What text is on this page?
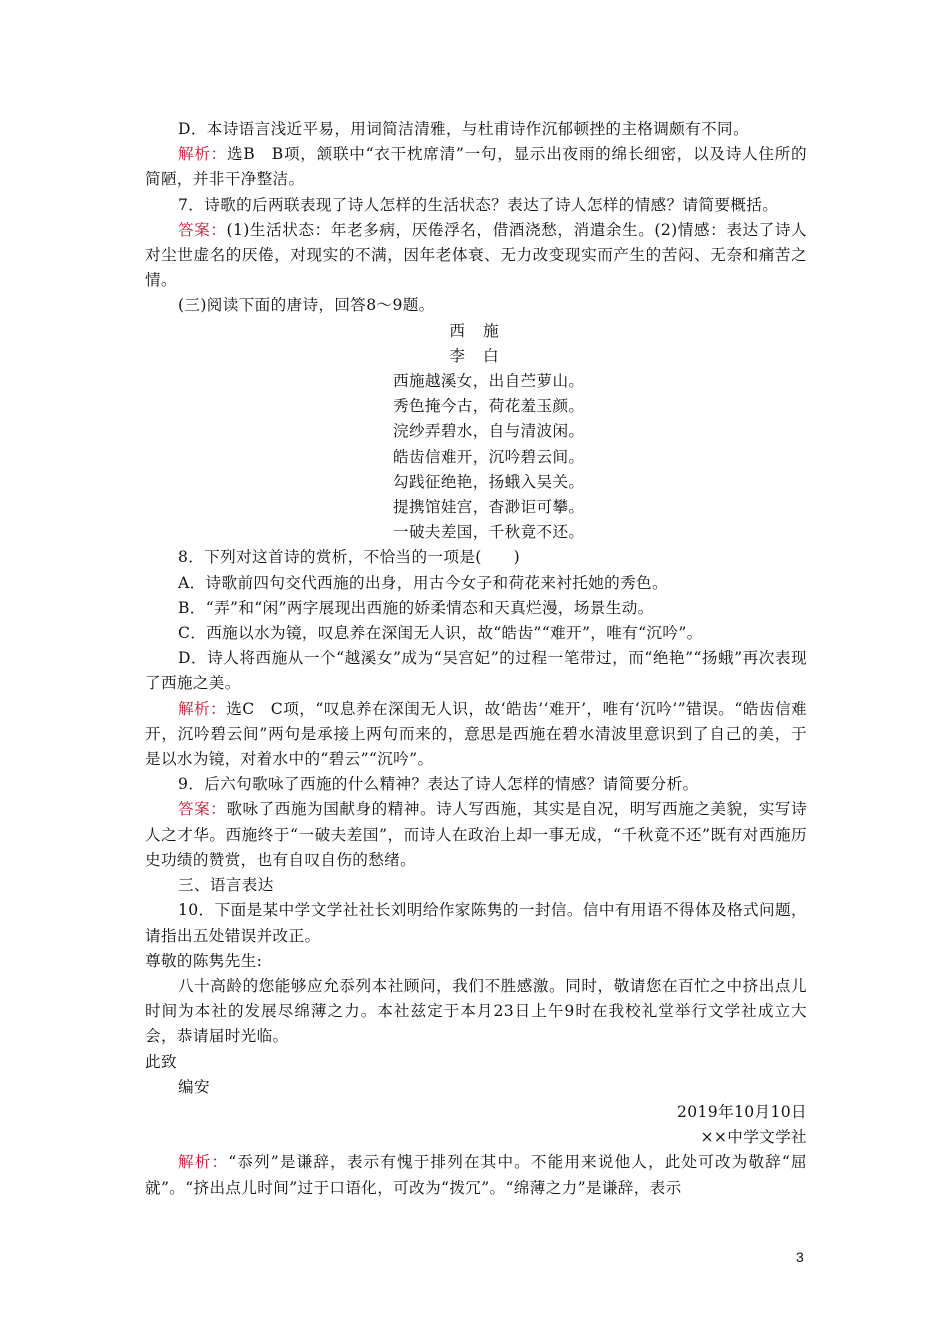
D．本诗语言浅近平易，用词简洁清雅，与杜甫诗作沉郁顿挫的主格调颇有不同。

解析：选B　B项，颔联中“衣干枕席清”一句，显示出夜雨的绵长细密，以及诗人住所的简陋，并非干净整洁。

7．诗歌的后两联表现了诗人怎样的生活状态？表达了诗人怎样的情感？请简要概括。

答案：(1)生活状态：年老多病，厌倦浮名，借酒浇愁，消遣余生。(2)情感：表达了诗人对尘世虚名的厌倦，对现实的不满，因年老体衰、无力改变现实而产生的苦闷、无奈和痛苦之情。

(三)阅读下面的唐诗，回答8～9题。

西施

李白

西施越溪女，出自苎萝山。

秀色掩今古，荷花羞玉颜。

浣纱弄碧水，自与清波闲。

皓齿信难开，沉吟碧云间。

勾践征绝艳，扬蛾入吴关。

提携馆娃宫，杳渺讵可攀。

一破夫差国，千秋竟不还。

8．下列对这首诗的赏析，不恰当的一项是(　　)

A．诗歌前四句交代西施的出身，用古今女子和荷花来衬托她的秀色。

B．“弄”和“闲”两字展现出西施的娇柔情态和天真烂漫，场景生动。

C．西施以水为镜，叹息养在深闺无人识，故“皓齿”“难开”，唯有“沉吟”。

D．诗人将西施从一个“越溪女”成为“吴宫妃”的过程一笔带过，而“绝艳”“扬蛾”再次表现了西施之美。

解析：选C　C项，“叹息养在深闺无人识，故‘皓齿’‘难开’，唯有‘沉吟’”错误。“皓齿信难开，沉吟碧云间”两句是承接上两句而来的，意思是西施在碧水清波里意识到了自己的美，于是以水为镜，对着水中的“碧云”“沉吟”。

9．后六句歌咏了西施的什么精神？表达了诗人怎样的情感？请简要分析。

答案：歌咏了西施为国献身的精神。诗人写西施，其实是自况，明写西施之美貌，实写诗人之才华。西施终于“一破夫差国”，而诗人在政治上却一事无成，“千秋竟不还”既有对西施历史功绩的赞赏，也有自叹自伤的愁绪。

三、语言表达

10．下面是某中学文学社社长刘明给作家陈隽的一封信。信中有用语不得体及格式问题，请指出五处错误并改正。

尊敬的陈隽先生:

八十高龄的您能够应允忝列本社顾问，我们不胜感激。同时，敬请您在百忙之中挤出点儿时间为本社的发展尽绵薄之力。本社兹定于本月23日上午9时在我校礼堂举行文学社成立大会，恭请届时光临。

此致

编安

2019年10月10日

××中学文学社

解析：“忝列”是谦辞，表示有愧于排列在其中。不能用来说他人，此处可改为敬辞“屈就”。“挤出点儿时间”过于口语化，可改为“拨冗”。“绵薄之力”是谦辞，表示

3
